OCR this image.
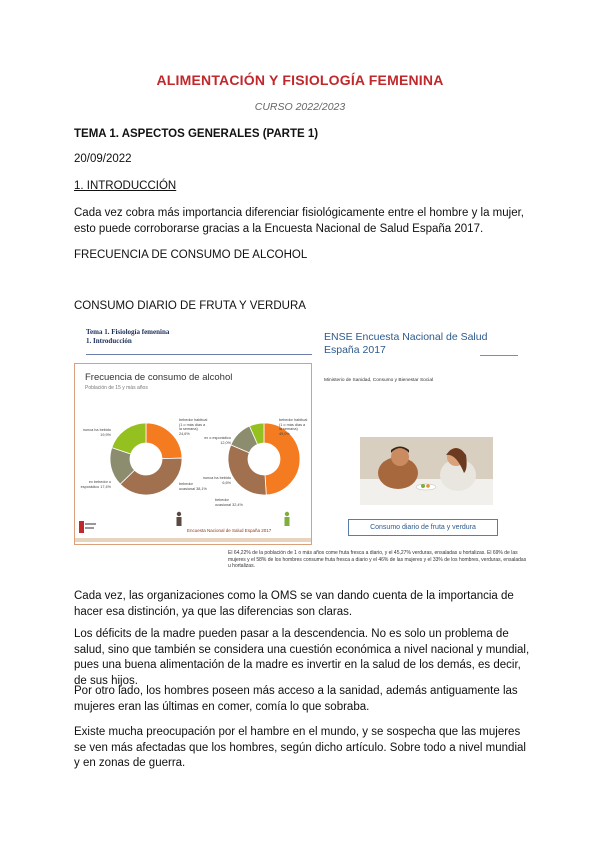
ALIMENTACIÓN Y FISIOLOGÍA FEMENINA
CURSO 2022/2023
TEMA 1. ASPECTOS GENERALES (PARTE 1)
20/09/2022
1. INTRODUCCIÓN
Cada vez cobra más importancia diferenciar fisiológicamente entre el hombre y la mujer, esto puede corroborarse gracias a la Encuesta Nacional de Salud España 2017.
FRECUENCIA DE CONSUMO DE ALCOHOL
CONSUMO DIARIO DE FRUTA Y VERDURA
Tema 1. Fisiología femenina
1. Introducción
Frecuencia de consumo de alcohol
Población de 15 y más años
nunca ha bebido 19,9%
ex bebedor o esporádico 17,4%
bebedor habitual (1 o más días a la semana) 24,6%
bebedor ocasional 38,1%
ex o esporádico 12,0%
nunca ha bebido 6,6%
bebedor habitual (1 o más días a la semana) 49,0%
bebedor ocasional 32,4%
Encuesta Nacional de Salud España 2017
ENSE Encuesta Nacional de Salud
España 2017
Ministerio de Sanidad, Consumo y Bienestar Social
Consumo diario de fruta y verdura
El 64,22% de la población de 1 o más años come fruta fresca a diario, y el 45,27% verduras, ensaladas u hortalizas. El 69% de las mujeres y el 58% de los hombres consume fruta fresca a diario y el 46% de las mujeres y el 33% de los hombres, verduras, ensaladas u hortalizas.
Cada vez, las organizaciones como la OMS se van dando cuenta de la importancia de hacer esa distinción, ya que las diferencias son claras.
Los déficits de la madre pueden pasar a la descendencia. No es solo un problema de salud, sino que también se considera una cuestión económica a nivel nacional y mundial, pues una buena alimentación de la madre es invertir en la salud de los demás, es decir, de sus hijos.
Por otro lado, los hombres poseen más acceso a la sanidad, además antiguamente las mujeres eran las últimas en comer, comía lo que sobraba.
Existe mucha preocupación por el hambre en el mundo, y se sospecha que las mujeres se ven más afectadas que los hombres, según dicho artículo. Sobre todo a nivel mundial y en zonas de guerra.
